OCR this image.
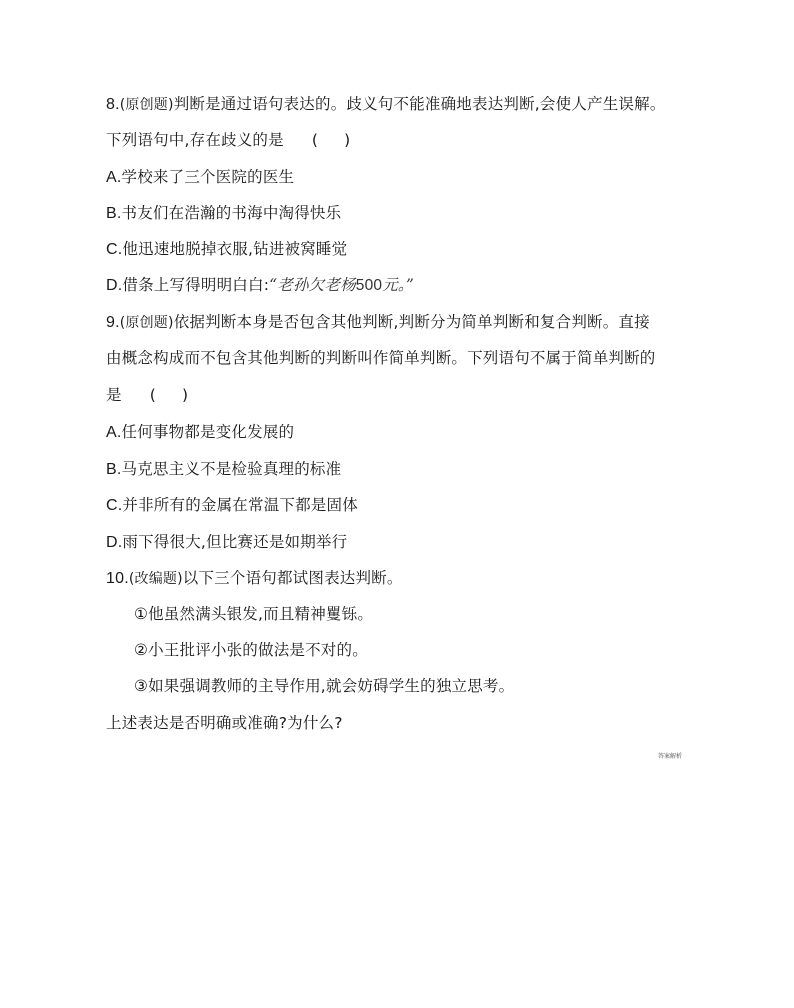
8.(原创题)判断是通过语句表达的。歧义句不能准确地表达判断,会使人产生误解。
下列语句中,存在歧义的是 ( )
A.学校来了三个医院的医生
B.书友们在浩瀚的书海中淘得快乐
C.他迅速地脱掉衣服,钻进被窝睡觉
D.借条上写得明明白白:“老孙欠老杨500元。”
9.(原创题)依据判断本身是否包含其他判断,判断分为简单判断和复合判断。直接
由概念构成而不包含其他判断的判断叫作简单判断。下列语句不属于简单判断的
是 ( )
A.任何事物都是变化发展的
B.马克思主义不是检验真理的标准
C.并非所有的金属在常温下都是固体
D.雨下得很大,但比赛还是如期举行
10.(改编题)以下三个语句都试图表达判断。
①他虽然满头银发,而且精神矍铄。
②小王批评小张的做法是不对的。
③如果强调教师的主导作用,就会妨碍学生的独立思考。
上述表达是否明确或准确?为什么?
答案解析
